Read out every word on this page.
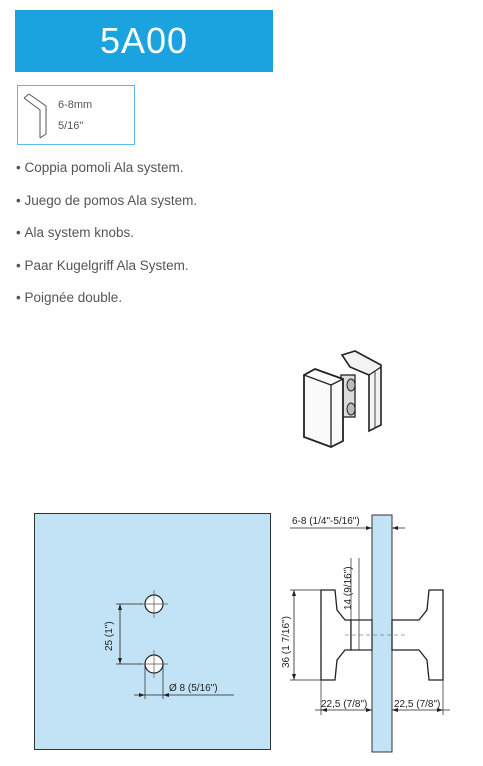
5A00
6-8mm
5/16"
• Coppia pomoli Ala system.
• Juego de pomos Ala system.
• Ala system knobs.
• Paar Kugelgriff Ala System.
• Poignée double.
25 (1")
Ø 8 (5/16")
6-8 (1/4"-5/16")
14 (9/16")
36 (1 7/16")
22,5 (7/8")	22,5 (7/8")
